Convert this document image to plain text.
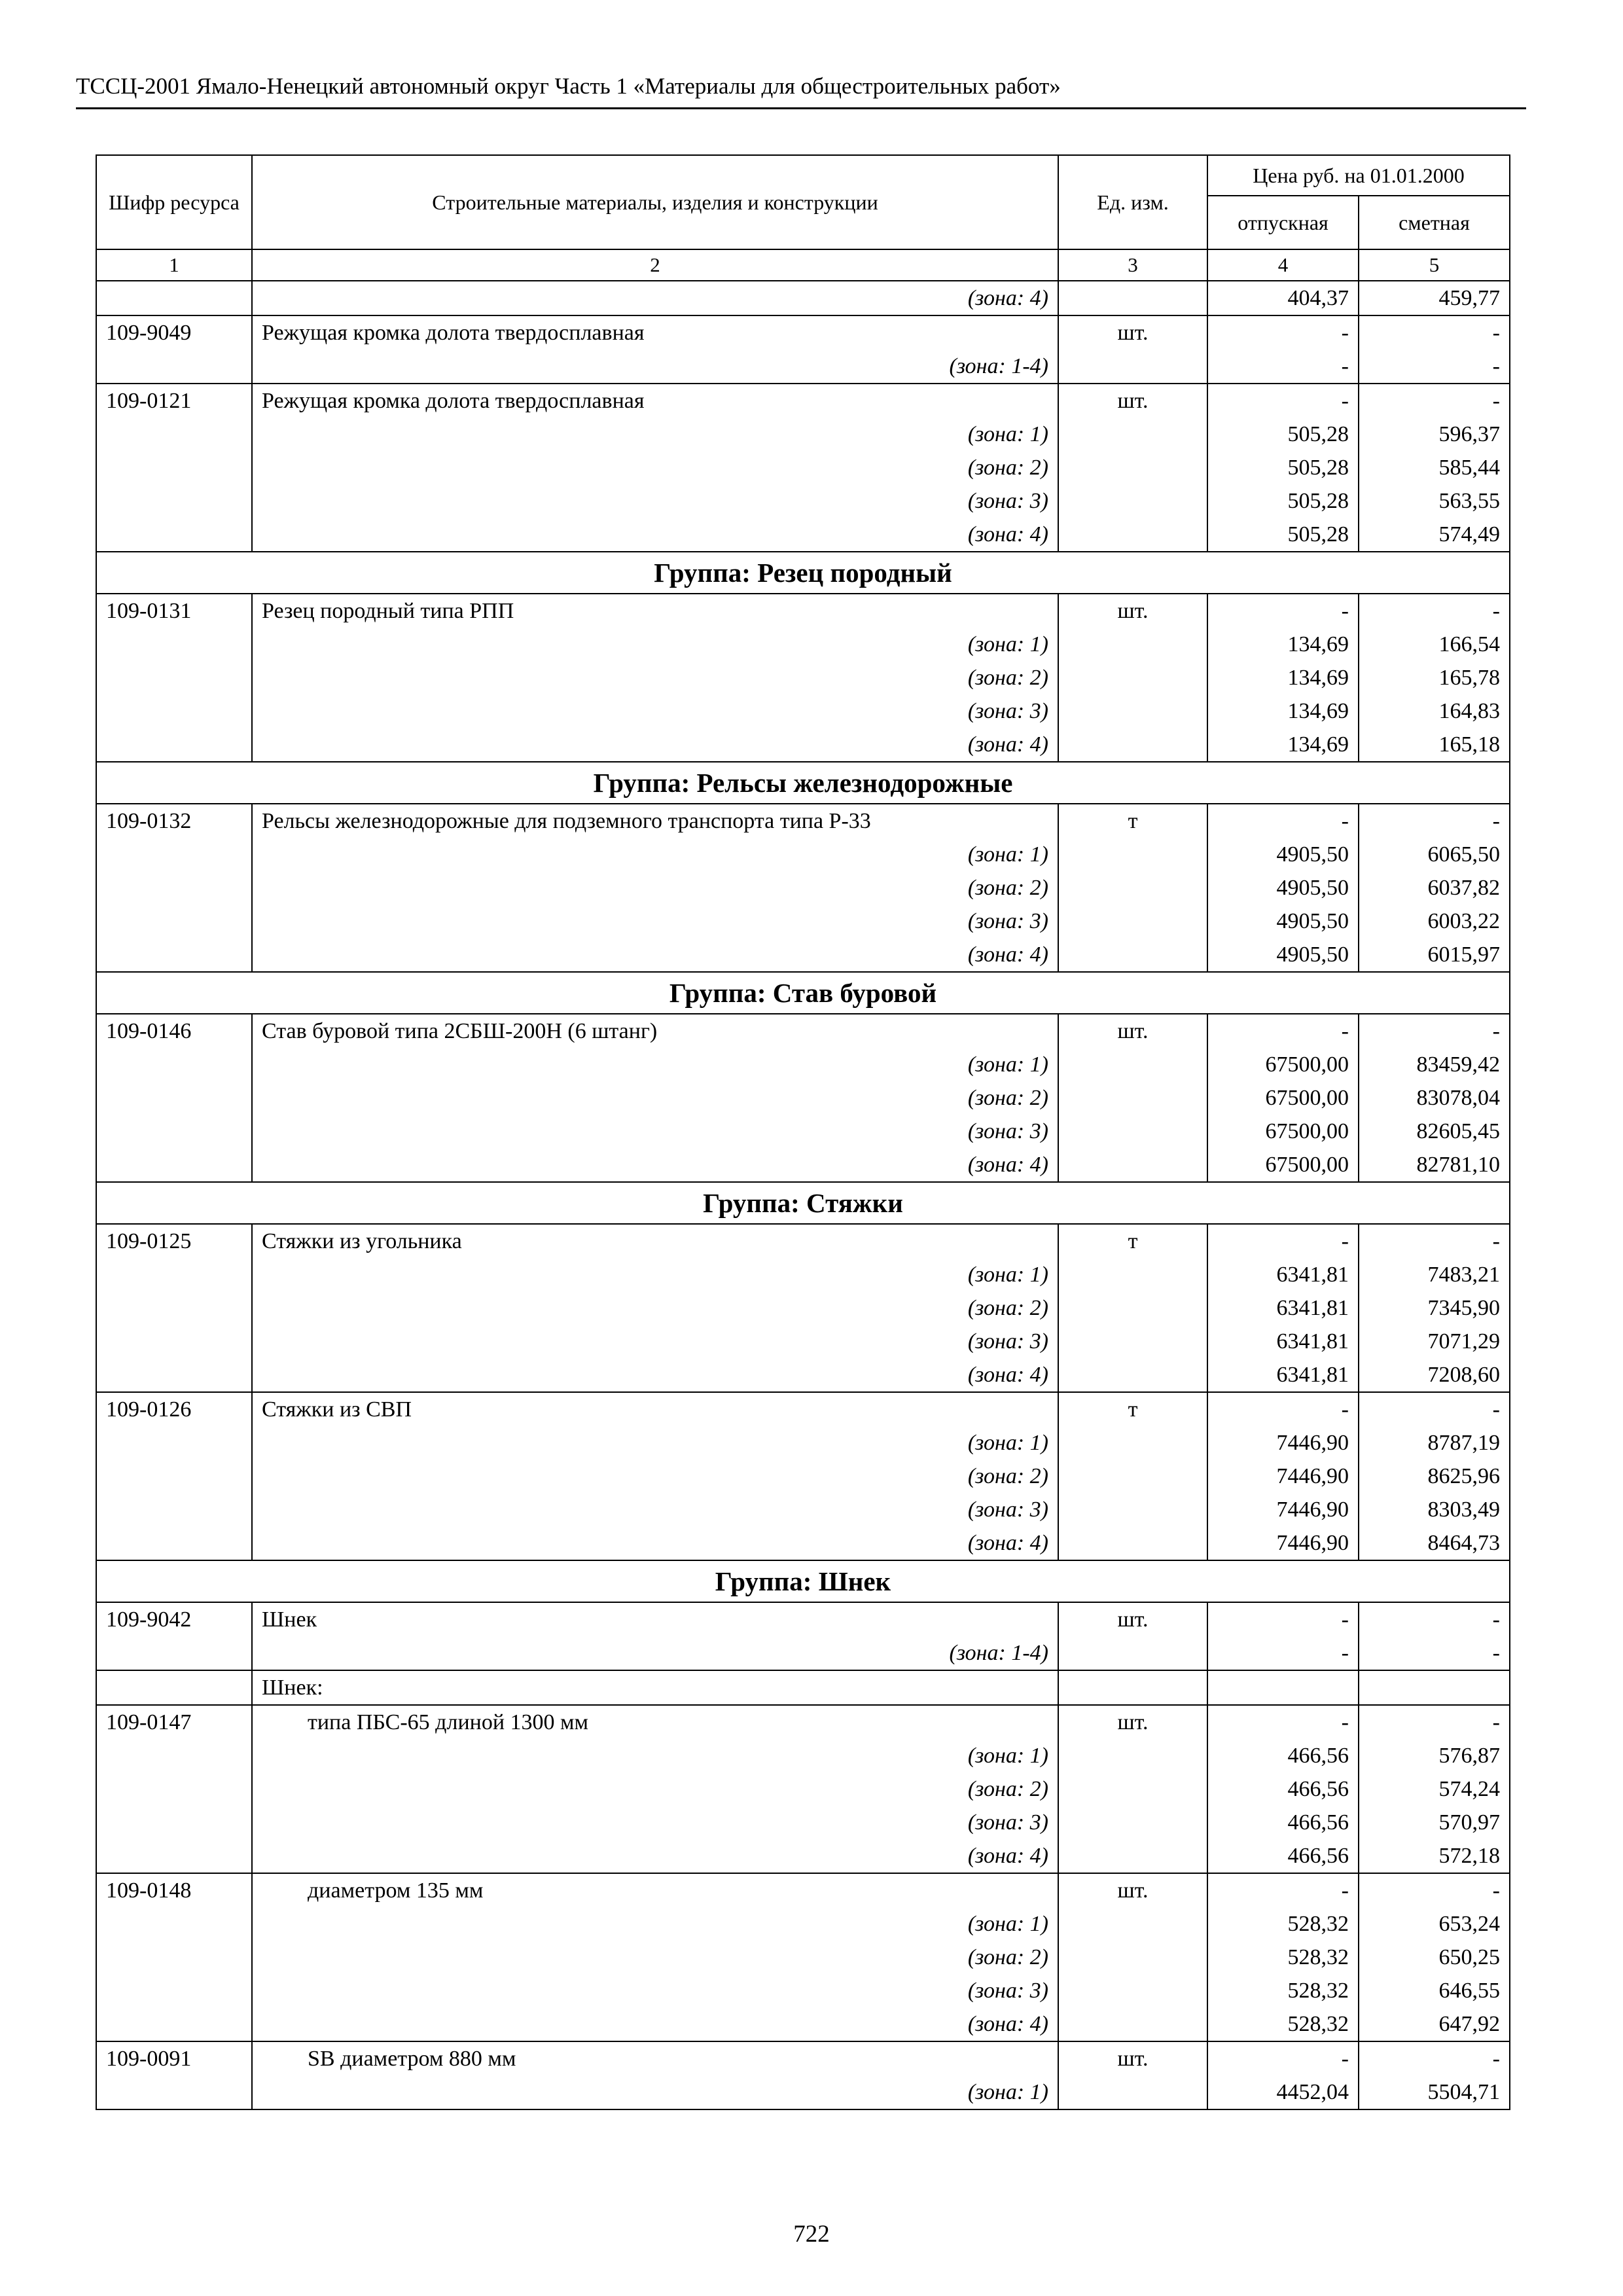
ТССЦ-2001 Ямало-Ненецкий автономный округ Часть 1 «Материалы для общестроительных работ»
Шифр ресурса	Строительные материалы, изделия и конструкции	Ед. изм.	Цена руб. на 01.01.2000	
			отпускная	сметная
1	2	3	4	5
	(зона: 4)		404,37	459,77
109-9049	Режущая кромка долота твердосплавная	шт.	-	-
	(зона: 1-4)		-	-
109-0121	Режущая кромка долота твердосплавная	шт.	-	-
	(зона: 1)		505,28	596,37
	(зона: 2)		505,28	585,44
	(зона: 3)		505,28	563,55
	(зона: 4)		505,28	574,49
Группа: Резец породный				
109-0131	Резец породный типа РПП	шт.	-	-
	(зона: 1)		134,69	166,54
	(зона: 2)		134,69	165,78
	(зона: 3)		134,69	164,83
	(зона: 4)		134,69	165,18
Группа: Рельсы железнодорожные				
109-0132	Рельсы железнодорожные для подземного транспорта типа Р-33	т	-	-
	(зона: 1)		4905,50	6065,50
	(зона: 2)		4905,50	6037,82
	(зона: 3)		4905,50	6003,22
	(зона: 4)		4905,50	6015,97
Группа: Став буровой				
109-0146	Став буровой типа 2СБШ-200Н (6 штанг)	шт.	-	-
	(зона: 1)		67500,00	83459,42
	(зона: 2)		67500,00	83078,04
	(зона: 3)		67500,00	82605,45
	(зона: 4)		67500,00	82781,10
Группа: Стяжки				
109-0125	Стяжки из угольника	т	-	-
	(зона: 1)		6341,81	7483,21
	(зона: 2)		6341,81	7345,90
	(зона: 3)		6341,81	7071,29
	(зона: 4)		6341,81	7208,60
109-0126	Стяжки из СВП	т	-	-
	(зона: 1)		7446,90	8787,19
	(зона: 2)		7446,90	8625,96
	(зона: 3)		7446,90	8303,49
	(зона: 4)		7446,90	8464,73
Группа: Шнек				
109-9042	Шнек	шт.	-	-
	(зона: 1-4)		-	-
	Шнек:			
109-0147	типа ПБС-65 длиной 1300 мм	шт.	-	-
	(зона: 1)		466,56	576,87
	(зона: 2)		466,56	574,24
	(зона: 3)		466,56	570,97
	(зона: 4)		466,56	572,18
109-0148	диаметром 135 мм	шт.	-	-
	(зона: 1)		528,32	653,24
	(зона: 2)		528,32	650,25
	(зона: 3)		528,32	646,55
	(зона: 4)		528,32	647,92
109-0091	SB диаметром 880 мм	шт.	-	-
	(зона: 1)		4452,04	5504,71
722
